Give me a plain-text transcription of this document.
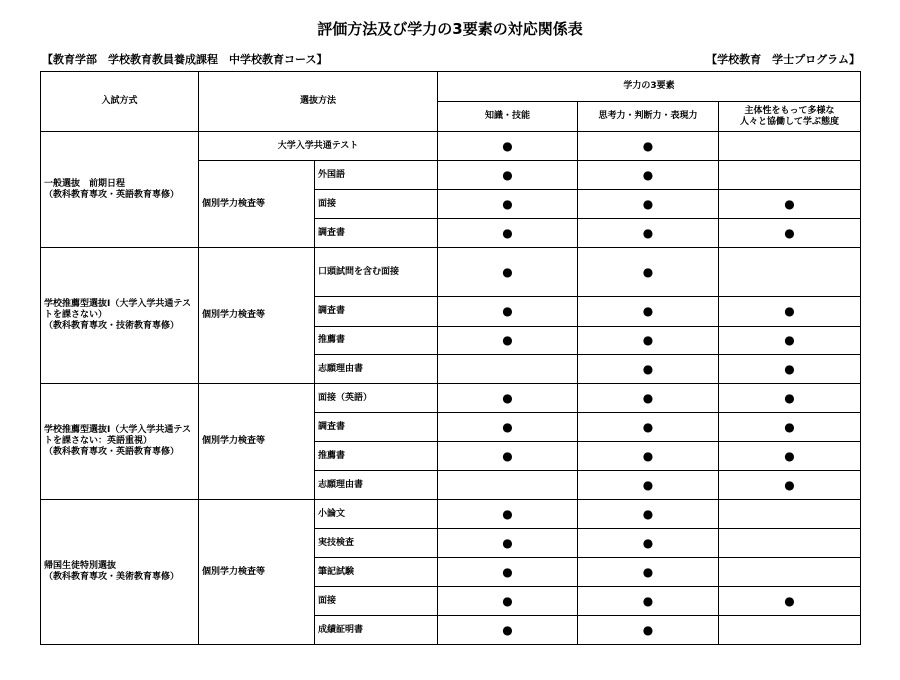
評価方法及び学力の3要素の対応関係表
【教育学部　学校教育教員養成課程　中学校教育コース】	【学校教育　学士プログラム】
入試方式	選抜方法		学力の3要素		
			知識・技能	思考力・判断力・表現力	主体性をもって多様な
人々と協働して学ぶ態度
一般選抜　前期日程
（教科教育専攻・英語教育専修）	大学入学共通テスト		●	●	
	個別学力検査等	外国語	●	●	
		面接	●	●	●
		調査書	●	●	●
学校推薦型選抜Ⅰ（大学入学共通テストを課さない）
（教科教育専攻・技術教育専修）	個別学力検査等	口頭試問を含む面接	●	●	
		調査書	●	●	●
		推薦書	●	●	●
		志願理由書		●	●
学校推薦型選抜Ⅰ（大学入学共通テストを課さない：英語重視）
（教科教育専攻・英語教育専修）	個別学力検査等	面接（英語）	●	●	●
		調査書	●	●	●
		推薦書	●	●	●
		志願理由書		●	●
帰国生徒特別選抜
（教科教育専攻・美術教育専修）	個別学力検査等	小論文	●	●	
		実技検査	●	●	
		筆記試験	●	●	
		面接	●	●	●
		成績証明書	●	●	
